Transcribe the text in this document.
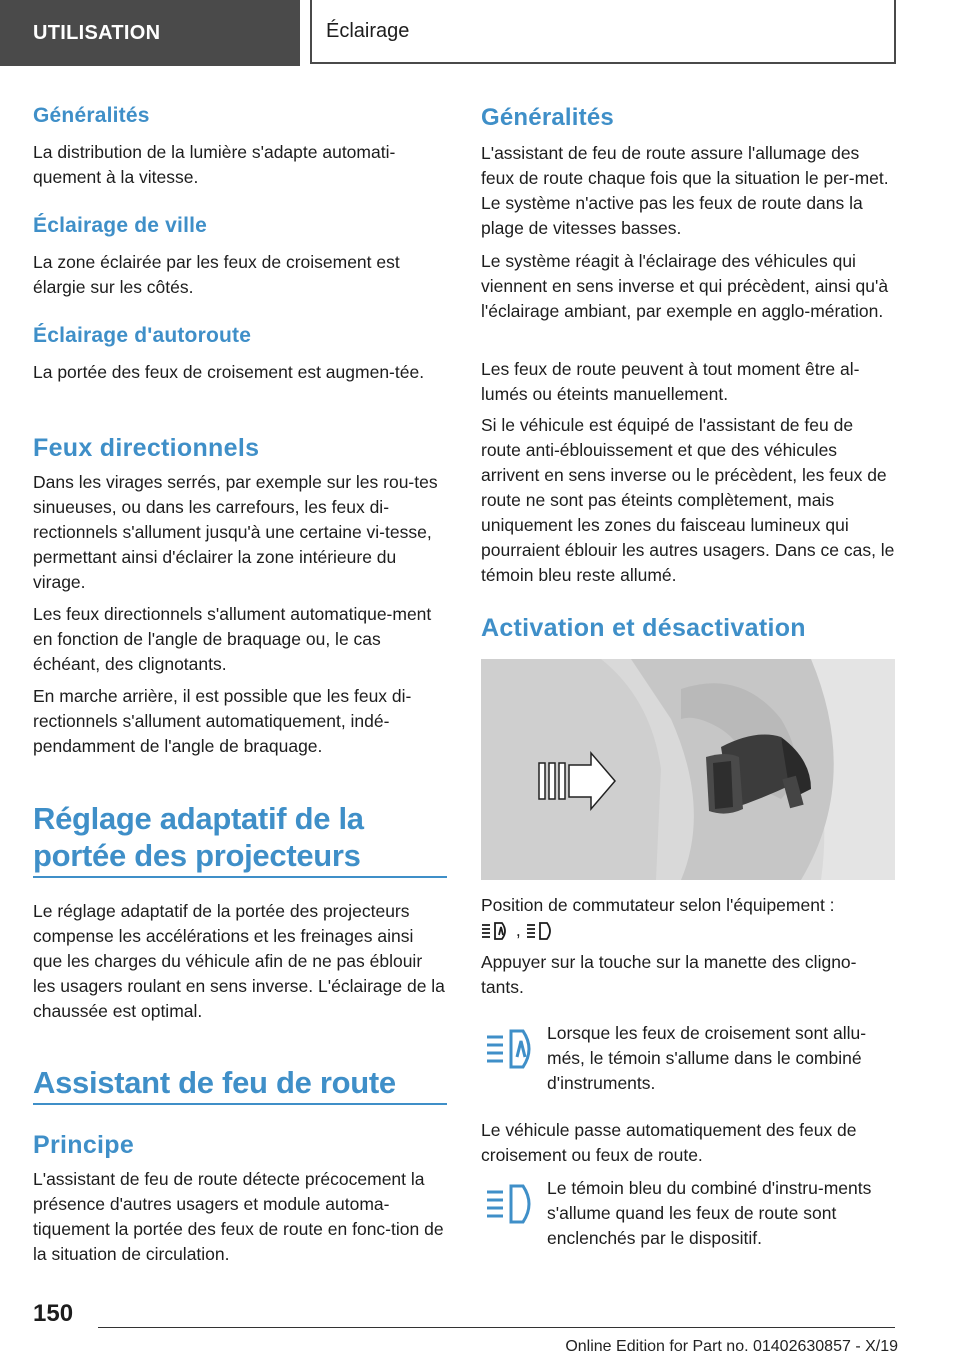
UTILISATION	Éclairage
Généralités
La distribution de la lumière s'adapte automati-quement à la vitesse.
Éclairage de ville
La zone éclairée par les feux de croisement est élargie sur les côtés.
Éclairage d'autoroute
La portée des feux de croisement est augmen-tée.
Feux directionnels
Dans les virages serrés, par exemple sur les rou-tes sinueuses, ou dans les carrefours, les feux di-rectionnels s'allument jusqu'à une certaine vi-tesse, permettant ainsi d'éclairer la zone intérieure du virage.
Les feux directionnels s'allument automatique-ment en fonction de l'angle de braquage ou, le cas échéant, des clignotants.
En marche arrière, il est possible que les feux di-rectionnels s'allument automatiquement, indé-pendamment de l'angle de braquage.
Réglage adaptatif de la portée des projecteurs
Le réglage adaptatif de la portée des projecteurs compense les accélérations et les freinages ainsi que les charges du véhicule afin de ne pas éblouir les usagers roulant en sens inverse. L'éclairage de la chaussée est optimal.
Assistant de feu de route
Principe
L'assistant de feu de route détecte précocement la présence d'autres usagers et module automa-tiquement la portée des feux de route en fonc-tion de la situation de circulation.
Généralités
L'assistant de feu de route assure l'allumage des feux de route chaque fois que la situation le per-met. Le système n'active pas les feux de route dans la plage de vitesses basses.
Le système réagit à l'éclairage des véhicules qui viennent en sens inverse et qui précèdent, ainsi qu'à l'éclairage ambiant, par exemple en agglo-mération.
Les feux de route peuvent à tout moment être al-lumés ou éteints manuellement.
Si le véhicule est équipé de l'assistant de feu de route anti-éblouissement et que des véhicules arrivent en sens inverse ou le précèdent, les feux de route ne sont pas éteints complètement, mais uniquement les zones du faisceau lumineux qui pourraient éblouir les autres usagers. Dans ce cas, le témoin bleu reste allumé.
Activation et désactivation
Position de commutateur selon l'équipement :
,
Appuyer sur la touche sur la manette des cligno-tants.
Lorsque les feux de croisement sont allu-més, le témoin s'allume dans le combiné d'instruments.
Le véhicule passe automatiquement des feux de croisement ou feux de route.
Le témoin bleu du combiné d'instru-ments s'allume quand les feux de route sont enclenchés par le dispositif.
150
Online Edition for Part no. 01402630857 - X/19
